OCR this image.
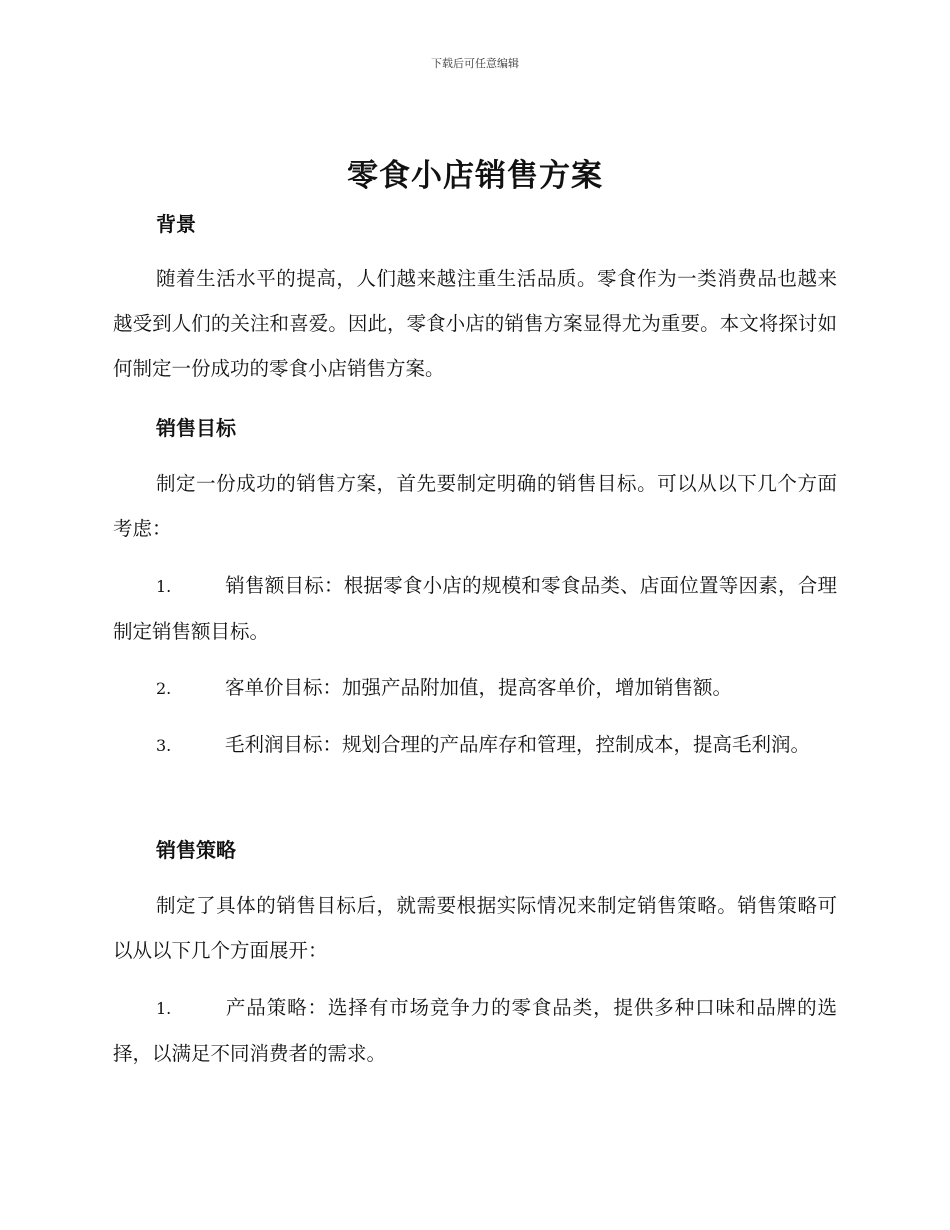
下载后可任意编辑
零食小店销售方案
背景
随着生活水平的提高，人们越来越注重生活品质。零食作为一类消费品也越来越受到人们的关注和喜爱。因此，零食小店的销售方案显得尤为重要。本文将探讨如何制定一份成功的零食小店销售方案。
销售目标
制定一份成功的销售方案，首先要制定明确的销售目标。可以从以下几个方面考虑：
1.	销售额目标：根据零食小店的规模和零食品类、店面位置等因素，合理制定销售额目标。
2.	客单价目标：加强产品附加值，提高客单价，增加销售额。
3.	毛利润目标：规划合理的产品库存和管理，控制成本，提高毛利润。
销售策略
制定了具体的销售目标后，就需要根据实际情况来制定销售策略。销售策略可以从以下几个方面展开：
1.	产品策略：选择有市场竞争力的零食品类，提供多种口味和品牌的选择，以满足不同消费者的需求。
